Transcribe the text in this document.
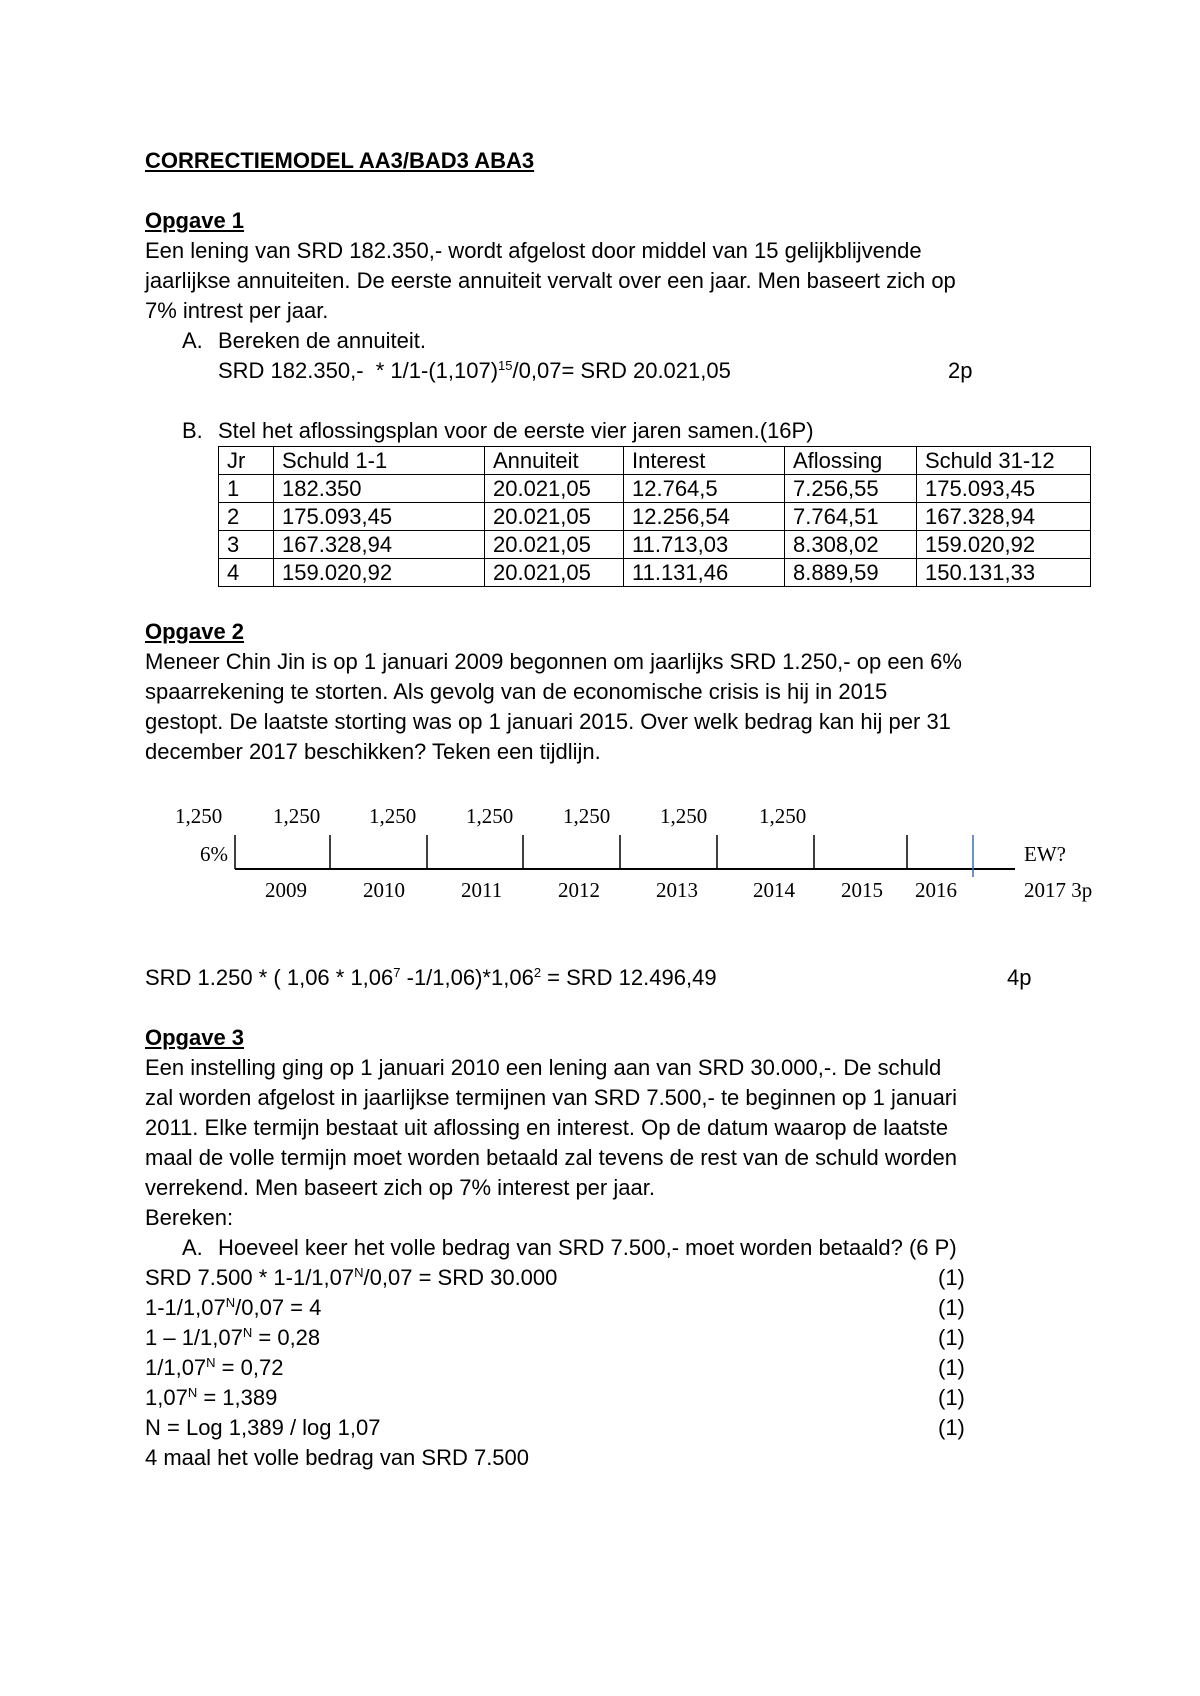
CORRECTIEMODEL AA3/BAD3 ABA3
Opgave 1
Een lening van SRD 182.350,- wordt afgelost door middel van 15 gelijkblijvende
jaarlijkse annuiteiten. De eerste annuiteit vervalt over een jaar. Men baseert zich op
7% intrest per jaar.
A. Bereken de annuiteit.
SRD $182.350,- * 1/1-(1,107)^{15}/0,07=$ SRD 20.021,05	2p
B. Stel het aflossingsplan voor de eerste vier jaren samen.(16P)
Jr	Schuld 1-1	Annuiteit	Interest	Aflossing	Schuld 31-12
1	182.350	20.021,05	12.764,5	7.256,55	175.093,45
2	175.093,45	20.021,05	12.256,54	7.764,51	167.328,94
3	167.328,94	20.021,05	11.713,03	8.308,02	159.020,92
4	159.020,92	20.021,05	11.131,46	8.889,59	150.131,33
Opgave 2
Meneer Chin Jin is op 1 januari 2009 begonnen om jaarlijks SRD 1.250,- op een 6%
spaarrekening te storten. Als gevolg van de economische crisis is hij in 2015
gestopt. De laatste storting was op 1 januari 2015. Over welk bedrag kan hij per 31
december 2017 beschikken? Teken een tijdlijn.
1,250 1,250 1,250 1,250 1,250 1,250 1,250
6%
2009	2010	2011	2012	2013	2014 2015 2016
EW?
2017 3p
SRD 1.250 * ( 1,06 * 1,06$^7$ $-1/1,06)*1,06^2$ = SRD 12.496,49	4p
Opgave 3
Een instelling ging op 1 januari 2010 een lening aan van SRD 30.000,-. De schuld
zal worden afgelost in jaarlijkse termijnen van SRD 7.500,- te beginnen op 1 januari
2011. Elke termijn bestaat uit aflossing en interest. Op de datum waarop de laatste
maal de volle termijn moet worden betaald zal tevens de rest van de schuld worden
verrekend. Men baseert zich op 7% interest per jaar.
Bereken:
A. Hoeveel keer het volle bedrag van SRD 7.500,- moet worden betaald? (6 P)
SRD $7.500 * 1-1/1,07^N/0,07$ = SRD 30.000	(1)
$1-1/1,07^N/0,07 = 4$	(1)
$1 - 1/1,07^N = 0,28$	(1)
$1/1,07^N = 0,72$	(1)
$1,07^N = 1,389$	(1)
N = Log 1,389 / log 1,07	(1)
4 maal het volle bedrag van SRD 7.500
